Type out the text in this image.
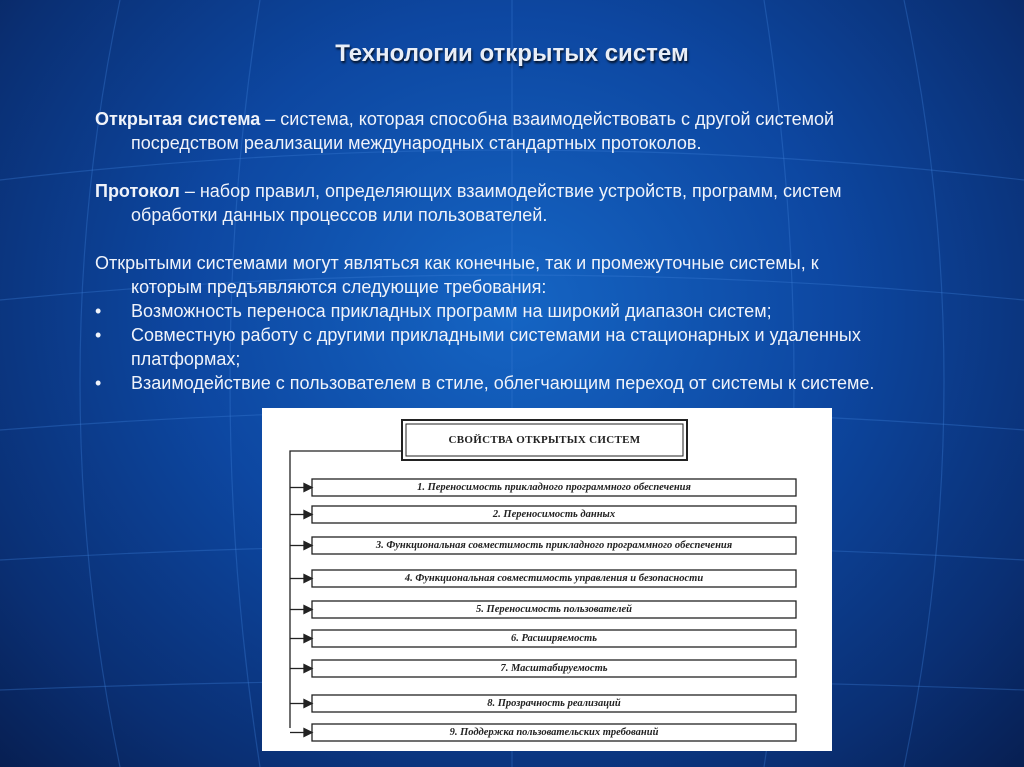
Технологии открытых систем
Открытая система – система, которая способна взаимодействовать с другой системой
посредством реализации международных стандартных протоколов.
Протокол – набор правил, определяющих взаимодействие устройств, программ, систем
обработки данных процессов или пользователей.
Открытыми системами могут являться как конечные, так и промежуточные системы, к
которым предъявляются следующие требования:
•	Возможность переноса прикладных программ на широкий диапазон систем;
•	Совместную работу с другими прикладными системами на стационарных и удаленных
платформах;
•	Взаимодействие с пользователем в стиле, облегчающим переход от системы к системе.
СВОЙСТВА ОТКРЫТЫХ СИСТЕМ
1. Переносимость прикладного программного обеспечения
2. Переносимость данных
3. Функциональная совместимость прикладного программного обеспечения
4. Функциональная совместимость управления и безопасности
5. Переносимость пользователей
6. Расширяемость
7. Масштабируемость
8. Прозрачность реализаций
9. Поддержка пользовательских требований
